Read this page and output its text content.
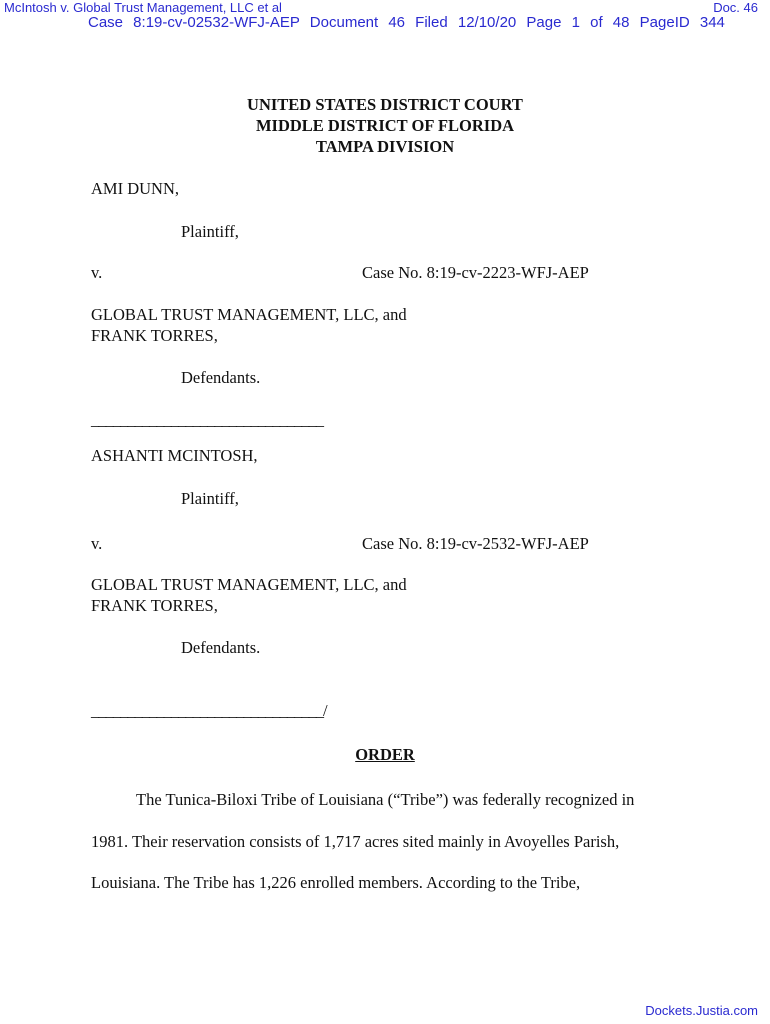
McIntosh v. Global Trust Management, LLC et al	Doc. 46
Case 8:19-cv-02532-WFJ-AEP Document 46 Filed 12/10/20 Page 1 of 48 PageID 344
UNITED STATES DISTRICT COURT
MIDDLE DISTRICT OF FLORIDA
TAMPA DIVISION
AMI DUNN,
Plaintiff,
v.	Case No. 8:19-cv-2223-WFJ-AEP
GLOBAL TRUST MANAGEMENT, LLC, and
FRANK TORRES,
Defendants.
________________________________
ASHANTI MCINTOSH,
Plaintiff,
v.	Case No. 8:19-cv-2532-WFJ-AEP
GLOBAL TRUST MANAGEMENT, LLC, and
FRANK TORRES,
Defendants.
________________________________/
ORDER
The Tunica-Biloxi Tribe of Louisiana (“Tribe”) was federally recognized in
1981. Their reservation consists of 1,717 acres sited mainly in Avoyelles Parish,
Louisiana. The Tribe has 1,226 enrolled members. According to the Tribe,
Dockets.Justia.com
